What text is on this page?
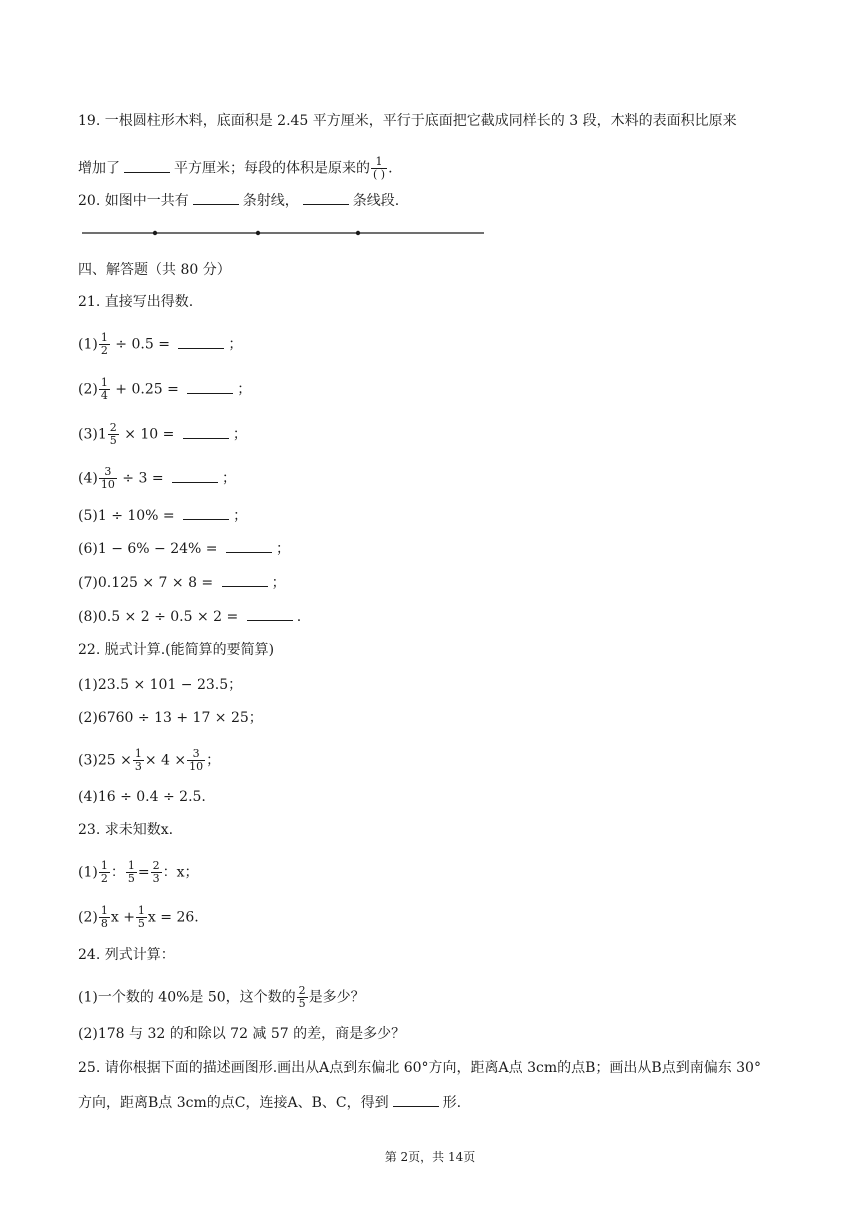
19. 一根圆柱形木料，底面积是 2.45 平方厘米，平行于底面把它截成同样长的 3 段，木料的表面积比原来
增加了	平方厘米；每段的体积是原来的 $\frac{1}{( )}$ .
20. 如图中一共有	条射线，	条线段.
四、解答题（共 80 分）
21. 直接写出得数.
$(1) \frac{1}{2} \div 0.5$ =	；
$(2) \frac{1}{4} + 0.25$ =	；
$(3)1 \frac{2}{5} \times 10$ =	；
$(4) \frac{3}{10} \div 3$ =	；
(5)1 ÷ 10% =	；
(6)1 − 6% − 24% =	；
(7)0.125 × 7 × 8 =	；
(8)0.5 × 2 ÷ 0.5 × 2 =	.
22. 脱式计算.(能简算的要简算)
(1)23.5 × 101 − 23.5；
(2)6760 ÷ 13 + 17 × 25；
$(3)25 \times \frac{1}{3} \times 4 \times \frac{3}{10}$ ；
(4)16 ÷ 0.4 ÷ 2.5.
23. 求未知数x.
$(1) \frac{1}{2}$ ： $\frac{1}{5} = \frac{2}{3}$ ：x；
$(2) \frac{1}{8}$ $x + \frac{1}{5}$ x = 26.
24. 列式计算：
(1)一个数的 40%是 50，这个数的 $\frac{2}{5}$ 是多少？
(2)178 与 32 的和除以 72 减 57 的差，商是多少？
25. 请你根据下面的描述画图形.画出从A点到东偏北 60°方向，距离A点 3cm的点B；画出从B点到南偏东 30°
方向，距离B点 3cm的点C，连接A、B、C，得到	形.
第 2页，共 14页
